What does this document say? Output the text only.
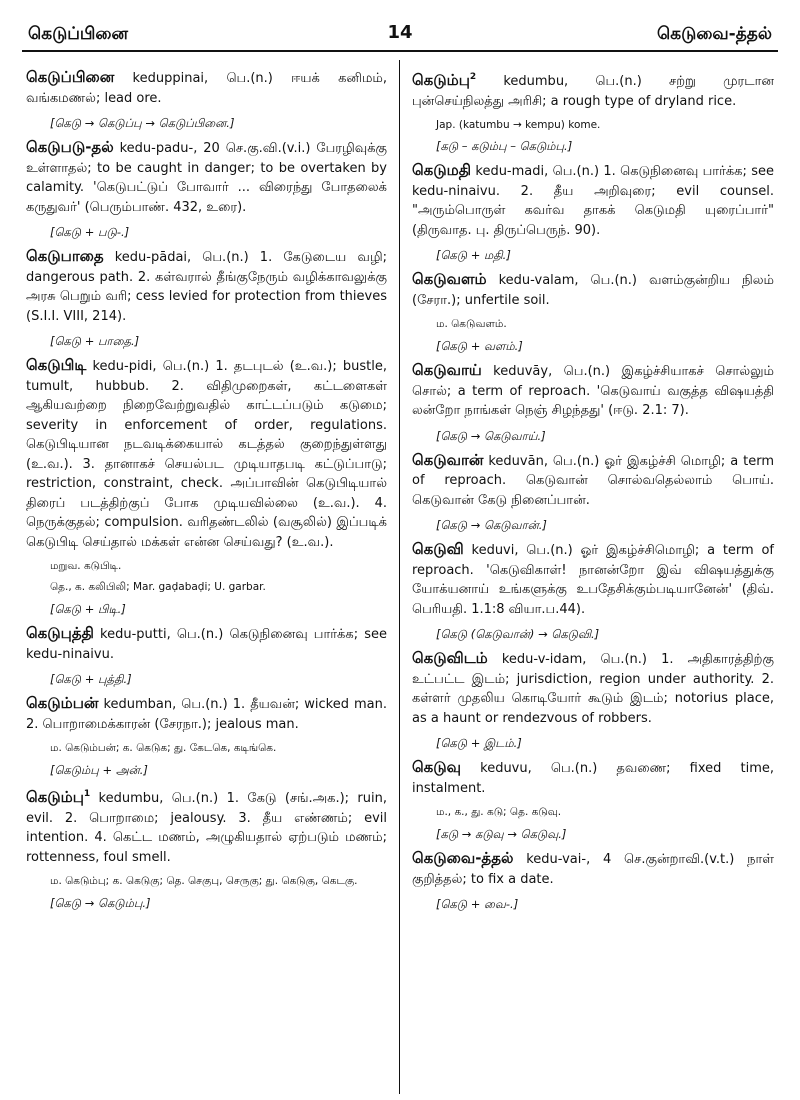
கெடுப்பினை	14	கெடுவை-த்தல்

கெடுப்பினை keduppinai, பெ.(n.) ஈயக் கனிமம், வங்கமணல்; lead ore.

[கெடு → கெடுப்பு → கெடுப்பினை.]

கெடுபடு-தல் kedu-padu-, 20 செ.கு.வி.(v.i.) பேரழிவுக்கு உள்ளாதல்; to be caught in danger; to be overtaken by calamity. 'கெடுபட்டுப் போவார் ... விரைந்து போதலைக் கருதுவர்' (பெரும்பாண். 432, உரை).

[கெடு + படு-.]

கெடுபாதை kedu-pādai, பெ.(n.) 1. கேடுடைய வழி; dangerous path. 2. கள்வரால் தீங்குநேரும் வழிக்காவலுக்கு அரசு பெறும் வரி; cess levied for protection from thieves (S.I.I. VIII, 214).

[கெடு + பாதை.]

கெடுபிடி kedu-pidi, பெ.(n.) 1. தடபுடல் (உ.வ.); bustle, tumult, hubbub. 2. விதிமுறைகள், கட்டளைகள் ஆகியவற்றை நிறைவேற்றுவதில் காட்டப்படும் கடுமை; severity in enforcement of order, regulations. கெடுபிடியான நடவடிக்கையால் கடத்தல் குறைந்துள்ளது (உ.வ.). 3. தானாகச் செயல்பட முடியாதபடி கட்டுப்பாடு; restriction, constraint, check. அப்பாவின் கெடுபிடியால் திரைப் படத்திற்குப் போக முடியவில்லை (உ.வ.). 4. நெருக்குதல்; compulsion. வரிதண்டலில் (வசூலில்) இப்படிக் கெடுபிடி செய்தால் மக்கள் என்ன செய்வது? (உ.வ.).

மறுவ. கடுபிடி.
தெ., க. கலிபிலி; Mar. gaḍabaḍi; U. garbar.
[கெடு + பிடி.]

கெடுபுத்தி kedu-putti, பெ.(n.) கெடுநினைவு பார்க்க; see kedu-ninaivu.

[கெடு + புத்தி.]

கெடும்பன் kedumban, பெ.(n.) 1. தீயவன்; wicked man. 2. பொறாமைக்காரன் (சேரநா.); jealous man.

ம. கெடும்பன்; க. கெடுக; து. கேடகெ, கடிங்கெ.
[கெடும்பு + அன்.]

கெடும்பு$^1$ kedumbu, பெ.(n.) 1. கேடு (சங்.அக.); ruin, evil. 2. பொறாமை; jealousy. 3. தீய எண்ணம்; evil intention. 4. கெட்ட மணம், அழுகியதால் ஏற்படும் மணம்; rottenness, foul smell.

ம. கெடும்பு; க. கெடுகு; தெ. செகுபு, செருகு; து. கெடுகு, கெடகு.
[கெடு → கெடும்பு.]

கெடும்பு$^2$ kedumbu, பெ.(n.) சற்று முரடான புன்செய்நிலத்து அரிசி; a rough type of dryland rice.

Jap. (katumbu → kempu) kome.
[கடு – கடும்பு – கெடும்பு.]

கெடுமதி kedu-madi, பெ.(n.) 1. கெடுநினைவு பார்க்க; see kedu-ninaivu. 2. தீய அறிவுரை; evil counsel. "அரும்பொருள் கவர்வ தாகக் கெடுமதி யுரைப்பார்" (திருவாத. பு. திருப்பெருந். 90).

[கெடு + மதி.]

கெடுவளம் kedu-valam, பெ.(n.) வளம்குன்றிய நிலம் (சேரா.); unfertile soil.

ம. கெடுவளம்.
[கெடு + வளம்.]

கெடுவாய் keduvāy, பெ.(n.) இகழ்ச்சியாகச் சொல்லும் சொல்; a term of reproach. 'கெடுவாய் வகுத்த விஷயத்தி லன்றோ நாங்கள் நெஞ் சிழந்தது' (ஈடு. 2.1: 7).

[கெடு → கெடுவாய்.]

கெடுவான் keduvān, பெ.(n.) ஓர் இகழ்ச்சி மொழி; a term of reproach. கெடுவான் சொல்வதெல்லாம் பொய். கெடுவான் கேடு நினைப்பான்.

[கெடு → கெடுவான்.]

கெடுவி keduvi, பெ.(n.) ஓர் இகழ்ச்சிமொழி; a term of reproach. 'கெடுவிகாள்! நானன்றோ இவ் விஷயத்துக்கு யோக்யனாய் உங்களுக்கு உபதேசிக்கும்படியானேன்' (திவ். பெரியதி. 1.1:8 வியா.ப.44).

[கெடு (கெடுவான்) → கெடுவி.]

கெடுவிடம் kedu-v-idam, பெ.(n.) 1. அதிகாரத்திற்கு உட்பட்ட இடம்; jurisdiction, region under authority. 2. கள்ளர் முதலிய கொடியோர் கூடும் இடம்; notorius place, as a haunt or rendezvous of robbers.

[கெடு + இடம்.]

கெடுவு keduvu, பெ.(n.) தவணை; fixed time, instalment.

ம., க., து. கடு; தெ. கடுவு.
[கடு → கடுவு → கெடுவு.]

கெடுவை-த்தல் kedu-vai-, 4 செ.குன்றாவி.(v.t.) நாள் குறித்தல்; to fix a date.

[கெடு + வை-.]
